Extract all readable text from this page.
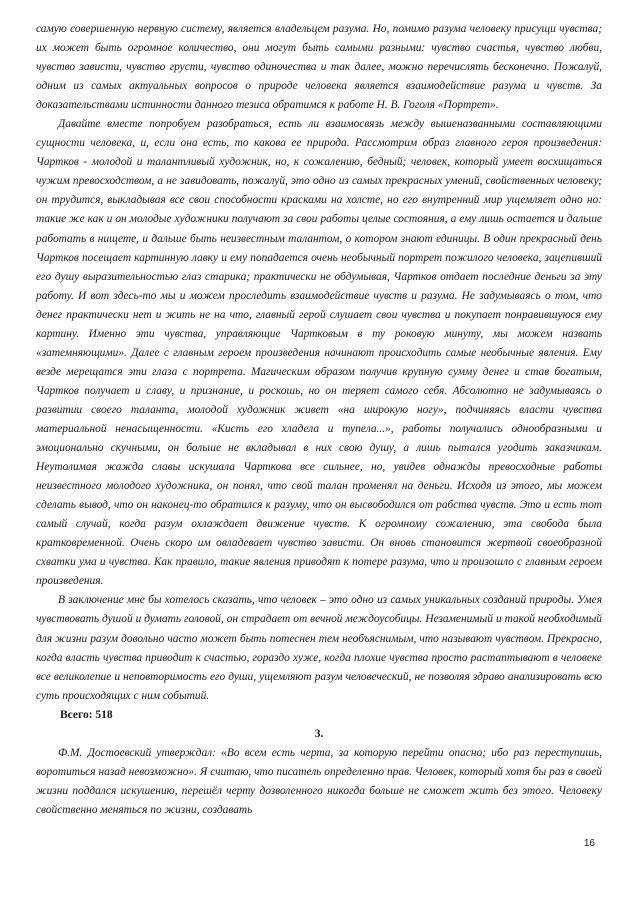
самую совершенную нервную систему, является владельцем разума. Но, помимо разума человеку присущи чувства; их может быть огромное количество, они могут быть самыми разными: чувство счастья, чувство любви, чувство зависти, чувство грусти, чувство одиночества и так далее, можно перечислять бесконечно. Пожалуй, одним из самых актуальных вопросов о природе человека является взаимодействие разума и чувств. За доказательствами истинности данного тезиса обратимся к работе Н. В. Гоголя «Портрет».

Давайте вместе попробуем разобраться, есть ли взаимосвязь между вышеназванными составляющими сущности человека, и, если она есть, то какова ее природа. Рассмотрим образ главного героя произведения: Чартков - молодой и талантливый художник, но, к сожалению, бедный; человек, который умеет восхищаться чужим превосходством, а не завидовать, пожалуй, это одно из самых прекрасных умений, свойственных человеку; он трудится, выкладывая все свои способности красками на холсте, но его внутренний мир ущемляет одно но: такие же как и он молодые художники получают за свои работы целые состояния, а ему лишь остается и дальше работать в нищете, и дальше быть неизвестным талантом, о котором знают единицы. В один прекрасный день Чартков посещает картинную лавку и ему попадается очень необычный портрет пожилого человека, зацепивший его душу выразительностью глаз старика; практически не обдумывая, Чартков отдает последние деньги за эту работу. И вот здесь-то мы и можем проследить взаимодействие чувств и разума. Не задумываясь о том, что денег практически нет и жить не на что, главный герой слушает свои чувства и покупает понравившуюся ему картину. Именно эти чувства, управляющие Чартковым в ту роковую минуту, мы можем назвать «затемняющими». Далее с главным героем произведения начинают происходить самые необычные явления. Ему везде мерещатся эти глаза с портрета. Магическим образом получив крупную сумму денег и став богатым, Чартков получает и славу, и признание, и роскошь, но он теряет самого себя. Абсолютно не задумываясь о развитии своего таланта, молодой художник живет «на широкую ногу», подчиняясь власти чувства материальной ненасыщенности. «Кисть его хладела и тупела...», работы получались однообразными и эмоционально скучными, он больше не вкладывал в них свою душу, а лишь пытался угодить заказчикам. Неутолимая жажда славы искушала Чарткова все сильнее, но, увидев однажды превосходные работы неизвестного молодого художника, он понял, что свой талан променял на деньги. Исходя из этого, мы можем сделать вывод, что он наконец-то обратился к разуму, что он высвободился от рабства чувств. Это и есть тот самый случай, когда разум охлаждает движение чувств. К огромному сожалению, эта свобода была кратковременной. Очень скоро им овладевает чувство зависти. Он вновь становится жертвой своеобразной схватки ума и чувства. Как правило, такие явления приводят к потере разума, что и произошло с главным героем произведения.

В заключение мне бы хотелось сказать, что человек – это одно из самых уникальных созданий природы. Умея чувствовать душой и думать головой, он страдает от вечной междоусобицы. Незаменимый и такой необходимый для жизни разум довольно часто может быть потеснен тем необъяснимым, что называют чувством. Прекрасно, когда власть чувства приводит к счастью, гораздо хуже, когда плохие чувства просто растаптывают в человеке все великолепие и неповторимость его души, ущемляют разум человеческий, не позволяя здраво анализировать всю суть происходящих с ним событий.

Всего: 518

3.

Ф.М. Достоевский утверждал: «Во всем есть черта, за которую перейти опасно; ибо раз переступишь, воротиться назад невозможно». Я считаю, что писатель определенно прав. Человек, который хотя бы раз в своей жизни поддался искушению, перешёл черту дозволенного никогда больше не сможет жить без этого. Человеку свойственно меняться по жизни, создавать

16
